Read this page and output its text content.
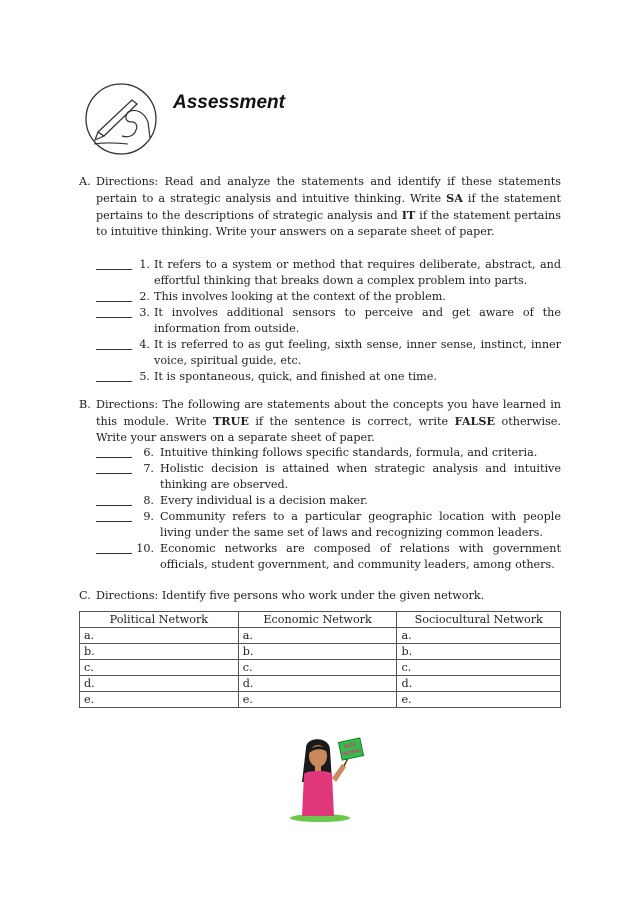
Assessment
A. Directions: Read and analyze the statements and identify if these statements pertain to a strategic analysis and intuitive thinking. Write SA if the statement pertains to the descriptions of strategic analysis and IT if the statement pertains to intuitive thinking. Write your answers on a separate sheet of paper.
1. It refers to a system or method that requires deliberate, abstract, and effortful thinking that breaks down a complex problem into parts.
2. This involves looking at the context of the problem.
3. It involves additional sensors to perceive and get aware of the information from outside.
4. It is referred to as gut feeling, sixth sense, inner sense, instinct, inner voice, spiritual guide, etc.
5. It is spontaneous, quick, and finished at one time.
B. Directions: The following are statements about the concepts you have learned in this module. Write TRUE if the sentence is correct, write FALSE otherwise. Write your answers on a separate sheet of paper.
6. Intuitive thinking follows specific standards, formula, and criteria.
7. Holistic decision is attained when strategic analysis and intuitive thinking are observed.
8. Every individual is a decision maker.
9. Community refers to a particular geographic location with people living under the same set of laws and recognizing common leaders.
10. Economic networks are composed of relations with government officials, student government, and community leaders, among others.
C. Directions: Identify five persons who work under the given network.
Political Network	Economic Network	Sociocultural Network
a.	a.	a.
b.	b.	b.
c.	c.	c.
d.	d.	d.
e.	e.	e.
NICE
WORK!
